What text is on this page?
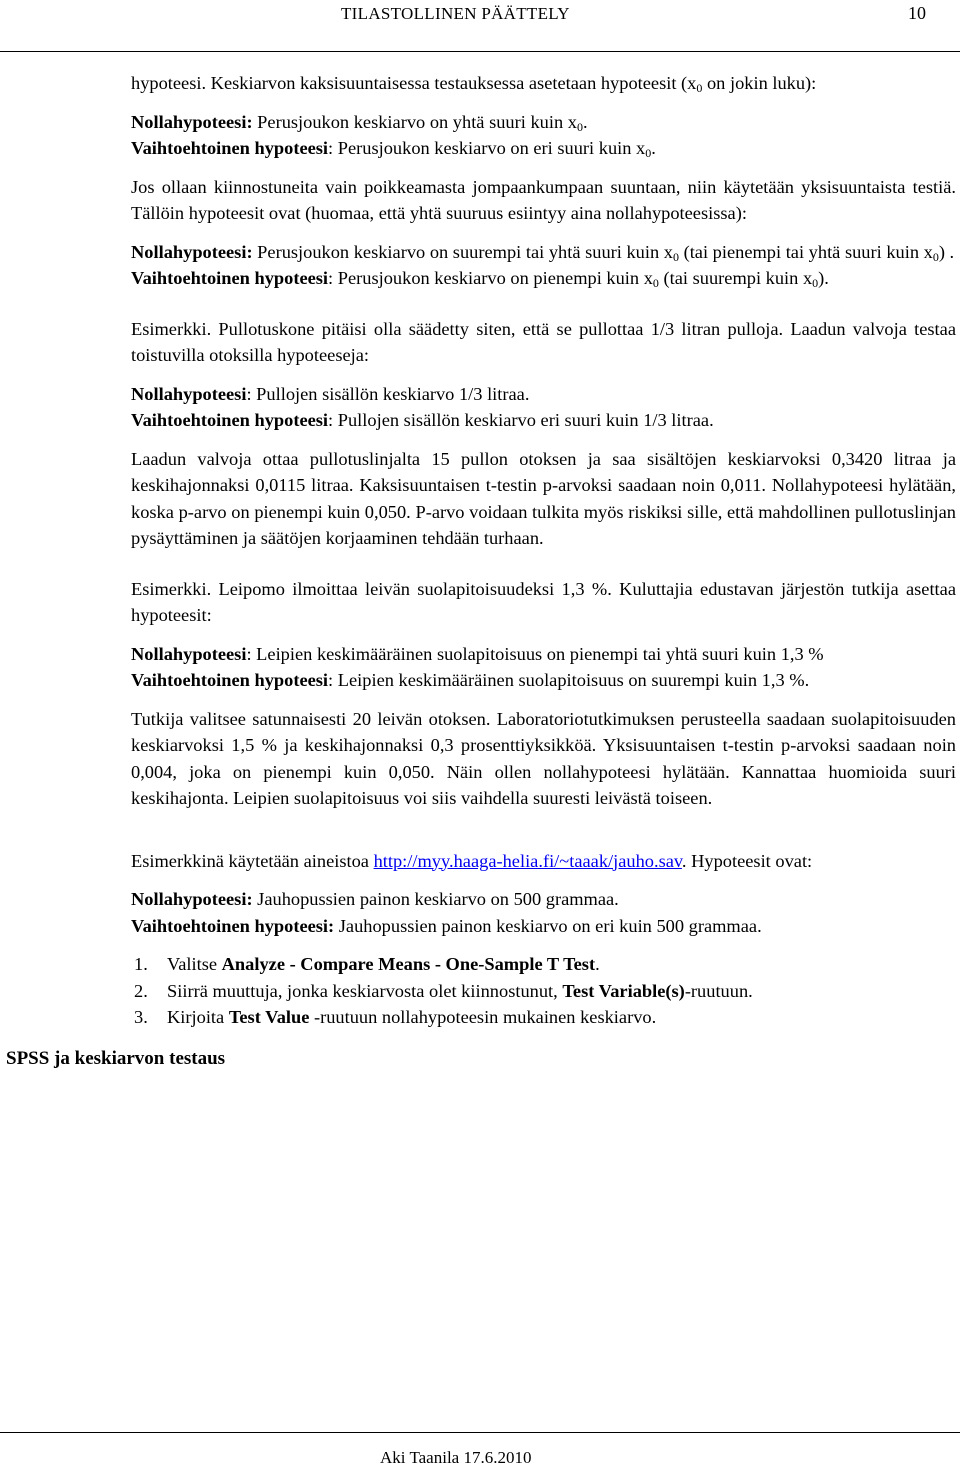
TILASTOLLINEN PÄÄTTELY	10
SPSS ja keskiarvon testaus

hypoteesi. Keskiarvon kaksisuuntaisessa testauksessa asetetaan hypoteesit ($x_0$ on jokin luku):

Nollahypoteesi: Perusjoukon keskiarvo on yhtä suuri kuin $x_0$.

Vaihtoehtoinen hypoteesi: Perusjoukon keskiarvo on eri suuri kuin $x_0$.

Jos ollaan kiinnostuneita vain poikkeamasta jompaankumpaan suuntaan, niin käytetään yksisuuntaista testiä. Tällöin hypoteesit ovat (huomaa, että yhtä suuruus esiintyy aina nollahypoteesissa):

Nollahypoteesi: Perusjoukon keskiarvo on suurempi tai yhtä suuri kuin $x_0$ (tai pienempi tai yhtä suuri kuin $x_0$) .

Vaihtoehtoinen hypoteesi: Perusjoukon keskiarvo on pienempi kuin $x_0$ (tai suurempi kuin $x_0$).

Esimerkki. Pullotuskone pitäisi olla säädetty siten, että se pullottaa 1/3 litran pulloja. Laadun valvoja testaa toistuvilla otoksilla hypoteeseja:

Nollahypoteesi: Pullojen sisällön keskiarvo 1/3 litraa.

Vaihtoehtoinen hypoteesi: Pullojen sisällön keskiarvo eri suuri kuin 1/3 litraa.

Laadun valvoja ottaa pullotuslinjalta 15 pullon otoksen ja saa sisältöjen keskiarvoksi 0,3420 litraa ja keskihajonnaksi 0,0115 litraa. Kaksisuuntaisen t-testin p-arvoksi saadaan noin 0,011. Nollahypoteesi hylätään, koska p-arvo on pienempi kuin 0,050. P-arvo voidaan tulkita myös riskiksi sille, että mahdollinen pullotuslinjan pysäyttäminen ja säätöjen korjaaminen tehdään turhaan.

Esimerkki. Leipomo ilmoittaa leivän suolapitoisuudeksi 1,3 %. Kuluttajia edustavan järjestön tutkija asettaa hypoteesit:

Nollahypoteesi: Leipien keskimääräinen suolapitoisuus on pienempi tai yhtä suuri kuin 1,3 %

Vaihtoehtoinen hypoteesi: Leipien keskimääräinen suolapitoisuus on suurempi kuin 1,3 %.

Tutkija valitsee satunnaisesti 20 leivän otoksen. Laboratoriotutkimuksen perusteella saadaan suolapitoisuuden keskiarvoksi 1,5 % ja keskihajonnaksi 0,3 prosenttiyksikköä. Yksisuuntaisen t-testin p-arvoksi saadaan noin 0,004, joka on pienempi kuin 0,050. Näin ollen nollahypoteesi hylätään. Kannattaa huomioida suuri keskihajonta. Leipien suolapitoisuus voi siis vaihdella suuresti leivästä toiseen.

Esimerkkinä käytetään aineistoa http://myy.haaga-helia.fi/~taaak/jauho.sav. Hypoteesit ovat:

Nollahypoteesi: Jauhopussien painon keskiarvo on 500 grammaa.

Vaihtoehtoinen hypoteesi: Jauhopussien painon keskiarvo on eri kuin 500 grammaa.

1. Valitse Analyze - Compare Means - One-Sample T Test.
2. Siirrä muuttuja, jonka keskiarvosta olet kiinnostunut, Test Variable(s)-ruutuun.
3. Kirjoita Test Value -ruutuun nollahypoteesin mukainen keskiarvo.
Aki Taanila 17.6.2010
